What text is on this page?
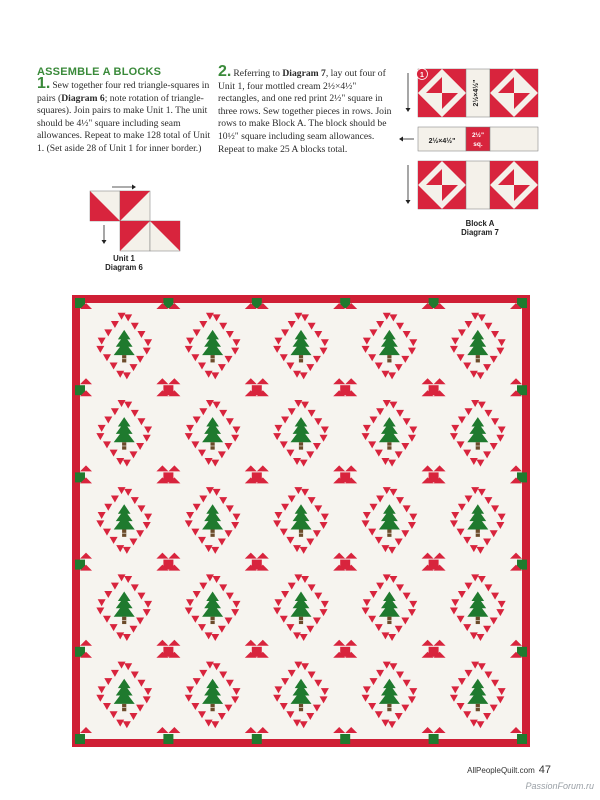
ASSEMBLE A BLOCKS
1. Sew together four red triangle-squares in pairs (Diagram 6; note rotation of triangle-squares). Join pairs to make Unit 1. The unit should be 4½" square including seam allowances. Repeat to make 128 total of Unit 1. (Set aside 28 of Unit 1 for inner border.)
2. Referring to Diagram 7, lay out four of Unit 1, four mottled cream 2½×4½" rectangles, and one red print 2½" square in three rows. Sew together pieces in rows. Join rows to make Block A. The block should be 10½" square including seam allowances. Repeat to make 25 A blocks total.
1
2½×4½"
2½×4½"
2½"
sq.
Unit 1
Diagram 6
Block A
Diagram 7
AllPeopleQuilt.com 47
PassionForum.ru
